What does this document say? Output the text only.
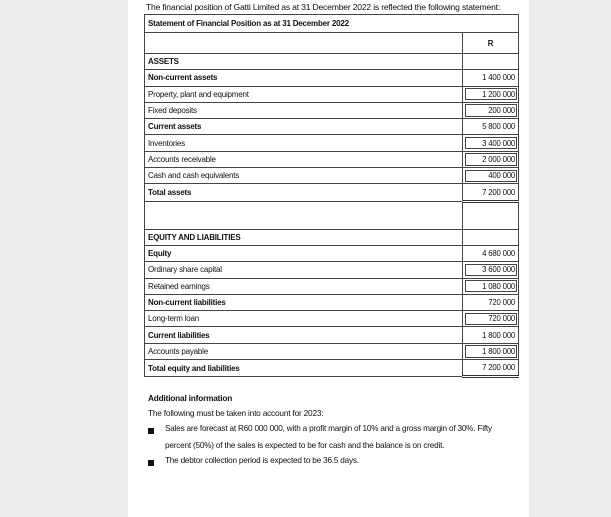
The financial position of Gatti Limited as at 31 December 2022 is reflected the following statement:
Statement of Financial Position as at 31 December 2022	
	R
ASSETS	
Non-current assets	1 400 000
Property, plant and equipment	1 200 000
Fixed deposits	200 000
Current assets	5 800 000
Inventories	3 400 000
Accounts receivable	2 000 000
Cash and cash equivalents	400 000
Total assets	7 200 000

EQUITY AND LIABILITIES	
Equity	4 680 000
Ordinary share capital	3 600 000
Retained earnings	1 080 000
Non-current liabilities	720 000
Long-term loan	720 000
Current liabilities	1 800 000
Accounts payable	1 800 000
Total equity and liabilities	7 200 000
Additional information
The following must be taken into account for 2023:
Sales are forecast at R60 000 000, with a profit margin of 10% and a gross margin of 30%. Fifty percent (50%) of the sales is expected to be for cash and the balance is on credit.
The debtor collection period is expected to be 36.5 days.
